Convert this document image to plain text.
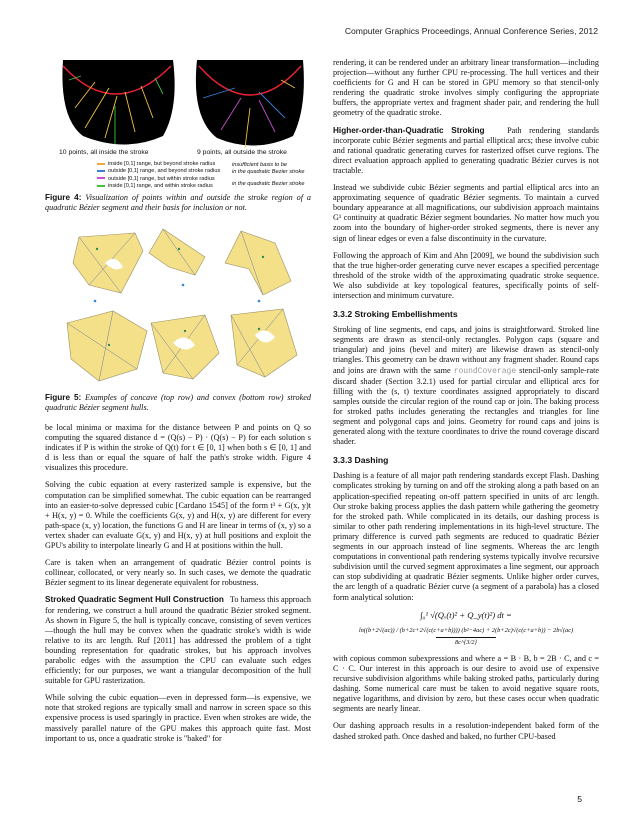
Computer Graphics Proceedings, Annual Conference Series, 2012
10 points, all inside the stroke	9 points, all outside the stroke
inside [0,1] range, but beyond stroke radius
outside [0,1] range, and beyond stroke radius
outside [0,1] range, but within stroke radius
inside [0,1] range, and within stroke radius
insufficient basis to be
in the quadratic Bezier stroke
in the quadratic Bezier stroke

Figure 4: Visualization of points within and outside the stroke region of a quadratic Bézier segment and their basis for inclusion or not.

Figure 5: Examples of concave (top row) and convex (bottom row) stroked quadratic Bézier segment hulls.

be local minima or maxima for the distance between P and points on Q so computing the squared distance d = (Q(s) − P) · (Q(s) − P) for each solution s indicates if P is within the stroke of Q(t) for t ∈ [0, 1] when both s ∈ [0, 1] and d is less than or equal the square of half the path's stroke width. Figure 4 visualizes this procedure.

Solving the cubic equation at every rasterized sample is expensive, but the computation can be simplified somewhat. The cubic equation can be rearranged into an easier-to-solve depressed cubic [Cardano 1545] of the form t³ + G(x, y)t + H(x, y) = 0. While the coefficients G(x, y) and H(x, y) are different for every path-space (x, y) location, the functions G and H are linear in terms of (x, y) so a vertex shader can evaluate G(x, y) and H(x, y) at hull positions and exploit the GPU's ability to interpolate linearly G and H at positions within the hull.

Care is taken when an arrangement of quadratic Bézier control points is collinear, collocated, or very nearly so. In such cases, we demote the quadratic Bézier segment to its linear degenerate equivalent for robustness.

Stroked Quadratic Segment Hull Construction To harness this approach for rendering, we construct a hull around the quadratic Bézier stroked segment. As shown in Figure 5, the hull is typically concave, consisting of seven vertices—though the hull may be convex when the quadratic stroke's width is wide relative to its arc length. Ruf [2011] has addressed the problem of a tight bounding representation for quadratic strokes, but his approach involves parabolic edges with the assumption the CPU can evaluate such edges efficiently; for our purposes, we want a triangular decomposition of the hull suitable for GPU rasterization.

While solving the cubic equation—even in depressed form—is expensive, we note that stroked regions are typically small and narrow in screen space so this expensive process is used sparingly in practice. Even when strokes are wide, the massively parallel nature of the GPU makes this approach quite fast. Most important to us, once a quadratic stroke is "baked" for

rendering, it can be rendered under an arbitrary linear transformation—including projection—without any further CPU re-processing. The hull vertices and their coefficients for G and H can be stored in GPU memory so that stencil-only rendering the quadratic stroke involves simply configuring the appropriate buffers, the appropriate vertex and fragment shader pair, and rendering the hull geometry of the quadratic stroke.

Higher-order-than-Quadratic Stroking	Path rendering standards incorporate cubic Bézier segments and partial elliptical arcs; these involve cubic and rational quadratic generating curves for rasterized offset curve regions. The direct evaluation approach applied to generating quadratic Bézier curves is not tractable.

Instead we subdivide cubic Bézier segments and partial elliptical arcs into an approximating sequence of quadratic Bézier segments. To maintain a curved boundary appearance at all magnifications, our subdivision approach maintains G¹ continuity at quadratic Bézier segment boundaries. No matter how much you zoom into the boundary of higher-order stroked segments, there is never any sign of linear edges or even a false discontinuity in the curvature.

Following the approach of Kim and Ahn [2009], we bound the subdivision such that the true higher-order generating curve never escapes a specified percentage threshold of the stroke width of the approximating quadratic stroke sequence. We also subdivide at key topological features, specifically points of self-intersection and minimum curvature.

3.3.2 Stroking Embellishments

Stroking of line segments, end caps, and joins is straightforward. Stroked line segments are drawn as stencil-only rectangles. Polygon caps (square and triangular) and joins (bevel and miter) are likewise drawn as stencil-only triangles. This geometry can be drawn without any fragment shader. Round caps and joins are drawn with the same roundCoverage stencil-only sample-rate discard shader (Section 3.2.1) used for partial circular and elliptical arcs for filling with the (s, t) texture coordinates assigned appropriately to discard samples outside the circular region of the round cap or join. The baking process for stroked paths includes generating the rectangles and triangles for line segment and polygonal caps and joins. Geometry for round caps and joins is generated along with the texture coordinates to drive the round coverage discard shader.

3.3.3 Dashing

Dashing is a feature of all major path rendering standards except Flash. Dashing complicates stroking by turning on and off the stroking along a path based on an application-specified repeating on-off pattern specified in units of arc length. Our stroke baking process applies the dash pattern while gathering the geometry for the stroked path. While complicated in its details, our dashing process is similar to other path rendering implementations in its high-level structure. The primary difference is curved path segments are reduced to quadratic Bézier segments in our approach instead of line segments. Whereas the arc length computations in conventional path rendering systems typically involve recursive subdivision until the curved segment approximates a line segment, our approach can stop subdividing at quadratic Bézier segments. Unlike higher order curves, the arc length of a quadratic Bézier curve (a segment of a parabola) has a closed form analytical solution:

∫₀¹ √(Qₓ(t)² + Q_y(t)²) dt =
ln((b+2√(ac)) / (b+2c+2√(c(c+a+b)))) (b²−4ac) + 2(b+2c)√(c(c+a+b)) − 2b√(ac)
8c^{3/2}

with copious common subexpressions and where a = B · B, b = 2B · C, and c = C · C. Our interest in this approach is our desire to avoid use of expensive recursive subdivision algorithms while baking stroked paths, particularly during dashing. Some numerical care must be taken to avoid negative square roots, negative logarithms, and division by zero, but these cases occur when quadratic segments are nearly linear.

Our dashing approach results in a resolution-independent baked form of the dashed stroked path. Once dashed and baked, no further CPU-based

5
